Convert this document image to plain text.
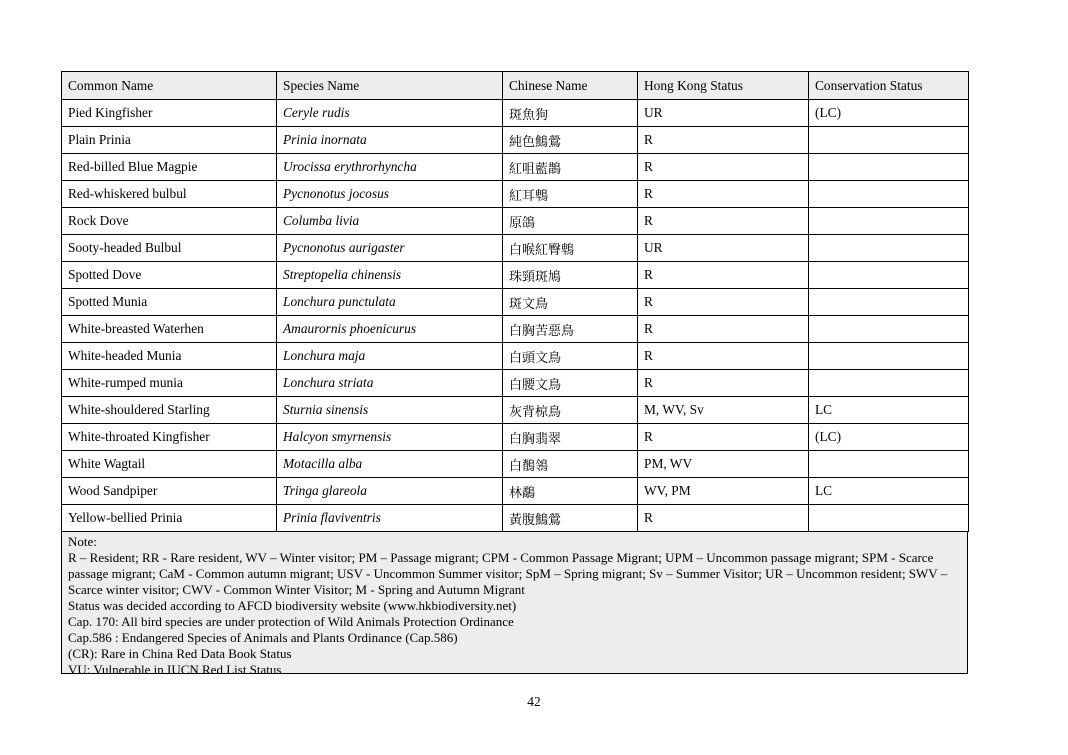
Common Name	Species Name	Chinese Name	Hong Kong Status	Conservation Status
Pied Kingfisher	Ceryle rudis	斑魚狗	UR	(LC)
Plain Prinia	Prinia inornata	純色鷦鶯	R	
Red-billed Blue Magpie	Urocissa erythrorhyncha	紅咀藍鵲	R	
Red-whiskered bulbul	Pycnonotus jocosus	紅耳鵯	R	
Rock Dove	Columba livia	原鴿	R	
Sooty-headed Bulbul	Pycnonotus aurigaster	白喉紅臀鵯	UR	
Spotted Dove	Streptopelia chinensis	珠頸斑鳩	R	
Spotted Munia	Lonchura punctulata	斑文鳥	R	
White-breasted Waterhen	Amaurornis phoenicurus	白胸苦惡鳥	R	
White-headed Munia	Lonchura maja	白頭文鳥	R	
White-rumped munia	Lonchura striata	白腰文鳥	R	
White-shouldered Starling	Sturnia sinensis	灰背椋鳥	M, WV, Sv	LC
White-throated Kingfisher	Halcyon smyrnensis	白胸翡翠	R	(LC)
White Wagtail	Motacilla alba	白鶺鴒	PM, WV	
Wood Sandpiper	Tringa glareola	林鷸	WV, PM	LC
Yellow-bellied Prinia	Prinia flaviventris	黃腹鷦鶯	R	

Note:

R – Resident; RR - Rare resident, WV – Winter visitor; PM – Passage migrant; CPM - Common Passage Migrant; UPM – Uncommon passage migrant; SPM - Scarce passage migrant; CaM - Common autumn migrant; USV - Uncommon Summer visitor; SpM – Spring migrant; Sv – Summer Visitor; UR – Uncommon resident; SWV – Scarce winter visitor; CWV - Common Winter Visitor; M - Spring and Autumn Migrant

Status was decided according to AFCD biodiversity website (www.hkbiodiversity.net)

Cap. 170: All bird species are under protection of Wild Animals Protection Ordinance

Cap.586 : Endangered Species of Animals and Plants Ordinance (Cap.586)

(CR): Rare in China Red Data Book Status

VU: Vulnerable in IUCN Red List Status

42
